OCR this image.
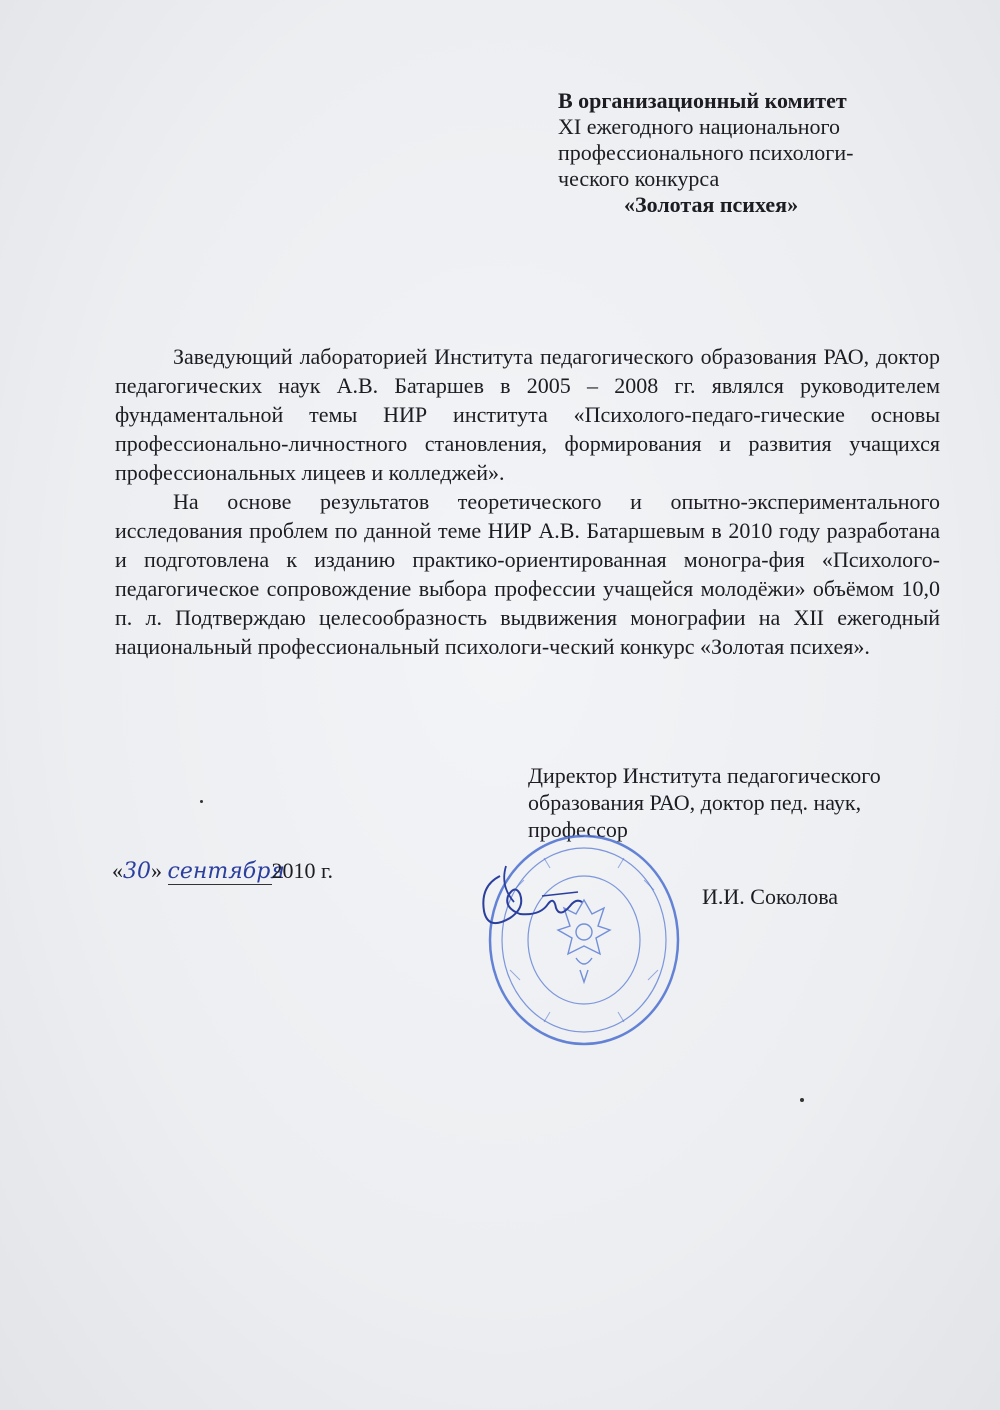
В организационный комитет
XI ежегодного национального
профессионального психологи-
ческого конкурса
«Золотая психея»

Заведующий лабораторией Института педагогического образования РАО, доктор педагогических наук А.В. Батаршев в 2005 – 2008 гг. являлся руководителем фундаментальной темы НИР института «Психолого-педаго-гические основы профессионально-личностного становления, формирования и развития учащихся профессиональных лицеев и колледжей».

На основе результатов теоретического и опытно-экспериментального исследования проблем по данной теме НИР А.В. Батаршевым в 2010 году разработана и подготовлена к изданию практико-ориентированная моногра-фия «Психолого-педагогическое сопровождение выбора профессии учащейся молодёжи» объёмом 10,0 п. л. Подтверждаю целесообразность выдвижения монографии на XII ежегодный национальный профессиональный психологи-ческий конкурс «Золотая психея».

«30» сентября2010 г.
Директор Института педагогического
образования РАО, доктор пед. наук,
профессор
И.И. Соколова
